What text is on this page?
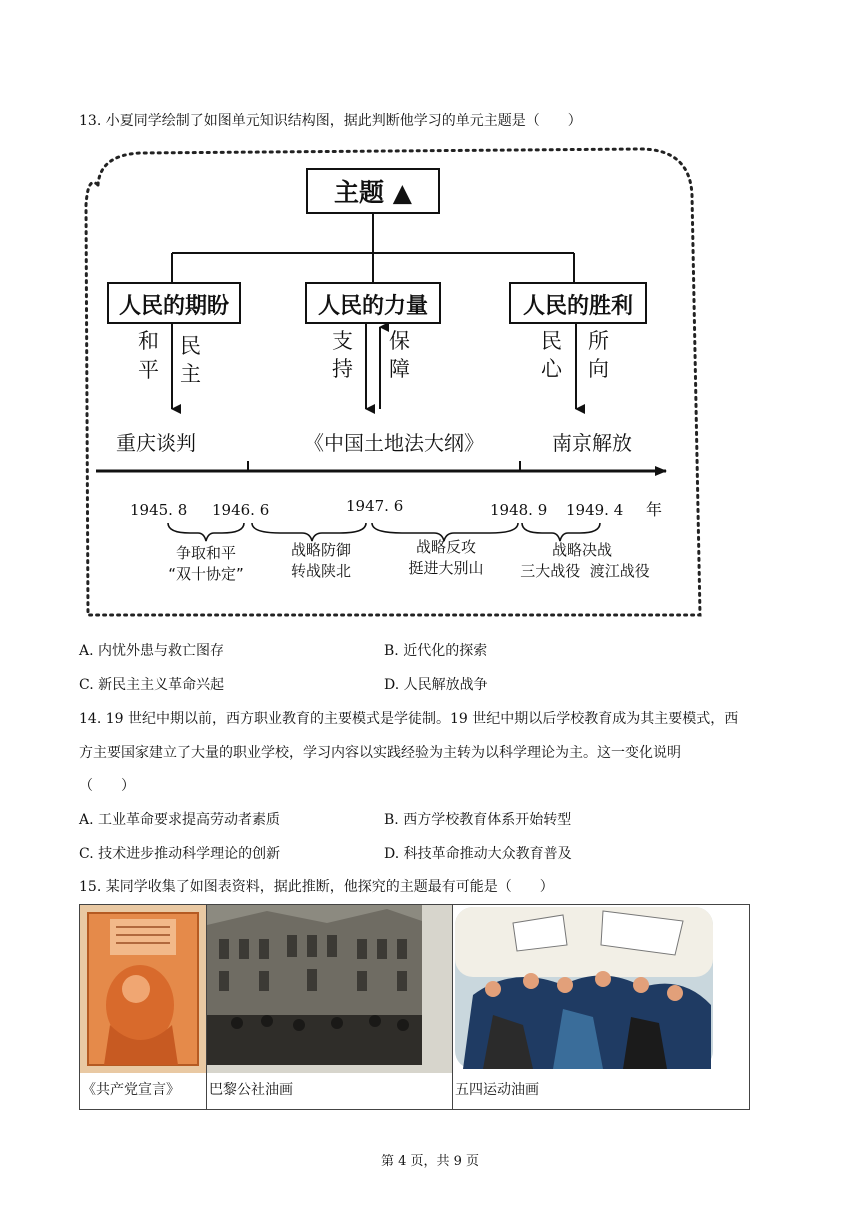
13. 小夏同学绘制了如图单元知识结构图，据此判断他学习的单元主题是（　　）
主题 ▲
人民的期盼	人民的力量	人民的胜利
和平
民主
支持
保障
民心
所向
重庆谈判	《中国土地法大纲》	南京解放
1945. 8 1946. 6	1947. 6	1948. 9 1949. 4 年
争取和平
“双十协定”
战略防御
转战陕北
战略反攻
挺进大别山
战略决战
三大战役  渡江战役
A. 内忧外患与救亡图存	B. 近代化的探索
C. 新民主主义革命兴起	D. 人民解放战争
14. 19 世纪中期以前，西方职业教育的主要模式是学徒制。19 世纪中期以后学校教育成为其主要模式，西
方主要国家建立了大量的职业学校，学习内容以实践经验为主转为以科学理论为主。这一变化说明
（　　）
A. 工业革命要求提高劳动者素质	B. 西方学校教育体系开始转型
C. 技术进步推动科学理论的创新	D. 科技革命推动大众教育普及
15. 某同学收集了如图表资料，据此推断，他探究的主题最有可能是（　　）
《共产党宣言》	巴黎公社油画	五四运动油画
第 4 页，共 9 页
